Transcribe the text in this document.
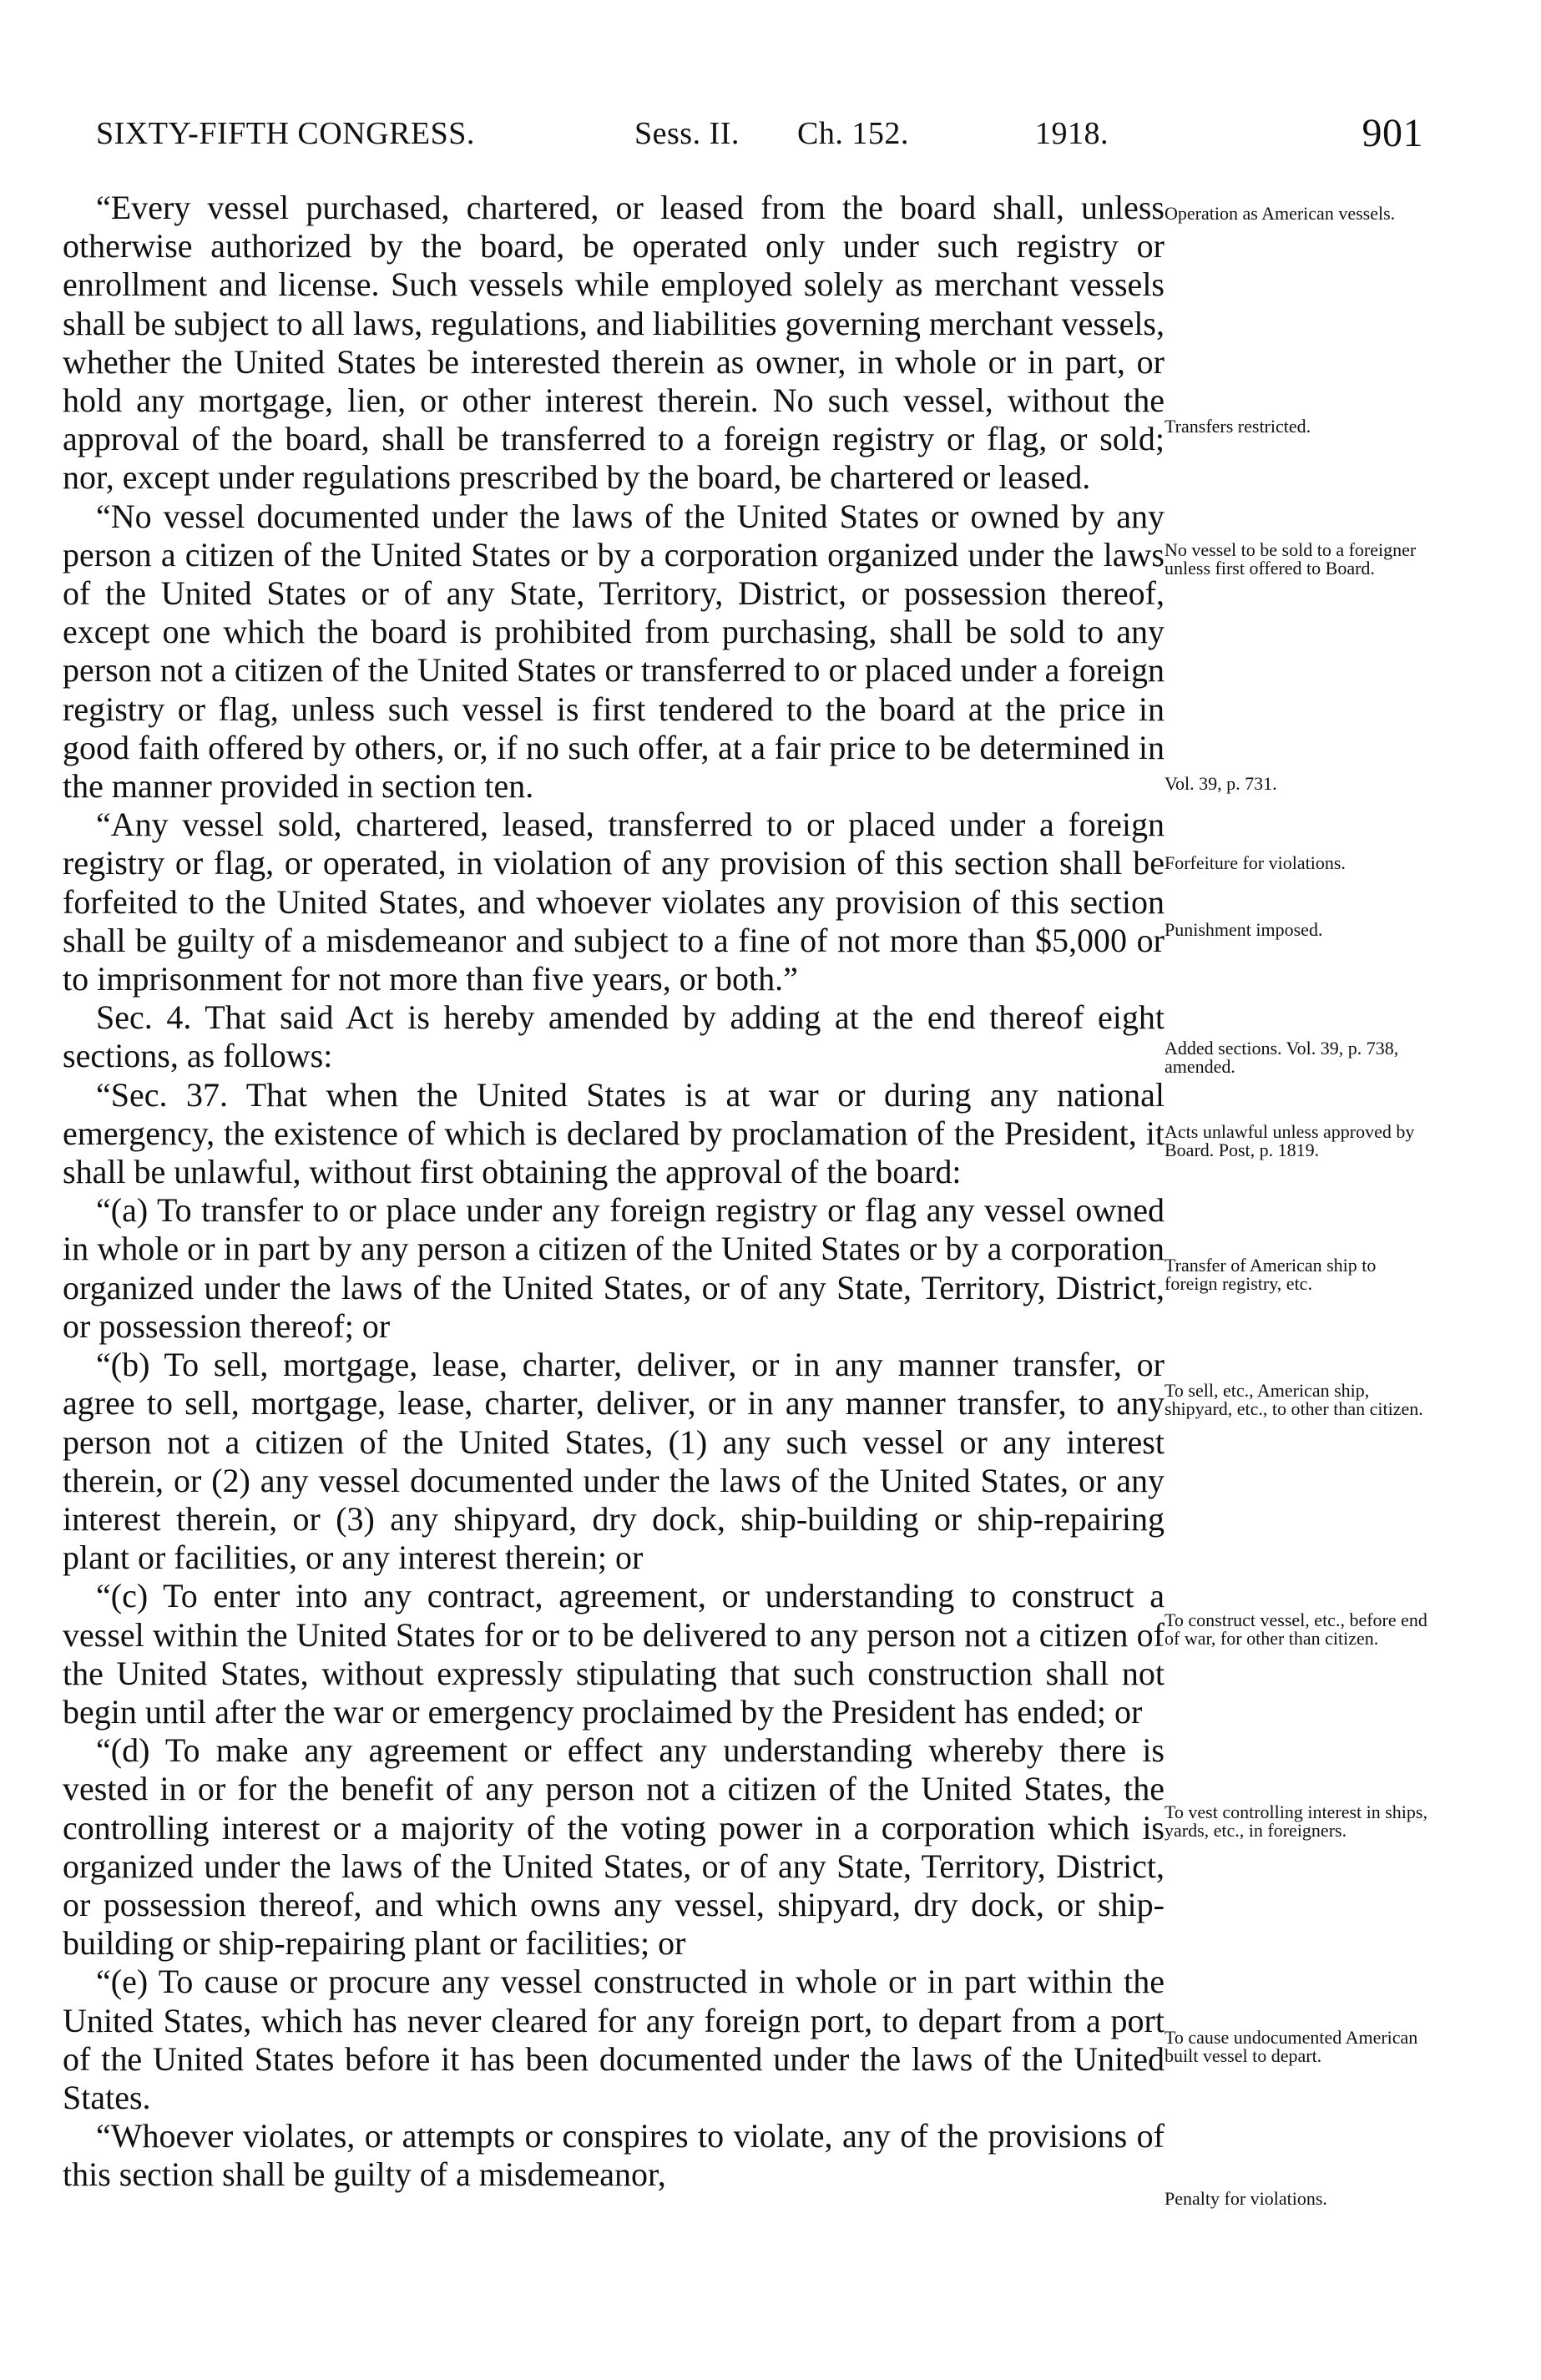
SIXTY-FIFTH CONGRESS.	Sess. II. Ch. 152.	1918.	901

“Every vessel purchased, chartered, or leased from the board shall, unless otherwise authorized by the board, be operated only under such registry or enrollment and license. Such vessels while employed solely as merchant vessels shall be subject to all laws, regulations, and liabilities governing merchant vessels, whether the United States be interested therein as owner, in whole or in part, or hold any mortgage, lien, or other interest therein. No such vessel, without the approval of the board, shall be transferred to a foreign registry or flag, or sold; nor, except under regulations prescribed by the board, be chartered or leased.

“No vessel documented under the laws of the United States or owned by any person a citizen of the United States or by a corporation organized under the laws of the United States or of any State, Territory, District, or possession thereof, except one which the board is prohibited from purchasing, shall be sold to any person not a citizen of the United States or transferred to or placed under a foreign registry or flag, unless such vessel is first tendered to the board at the price in good faith offered by others, or, if no such offer, at a fair price to be determined in the manner provided in section ten.

“Any vessel sold, chartered, leased, transferred to or placed under a foreign registry or flag, or operated, in violation of any provision of this section shall be forfeited to the United States, and whoever violates any provision of this section shall be guilty of a misdemeanor and subject to a fine of not more than $5,000 or to imprisonment for not more than five years, or both.”

Sec. 4. That said Act is hereby amended by adding at the end thereof eight sections, as follows:

“Sec. 37. That when the United States is at war or during any national emergency, the existence of which is declared by proclamation of the President, it shall be unlawful, without first obtaining the approval of the board:

“(a) To transfer to or place under any foreign registry or flag any vessel owned in whole or in part by any person a citizen of the United States or by a corporation organized under the laws of the United States, or of any State, Territory, District, or possession thereof; or

“(b) To sell, mortgage, lease, charter, deliver, or in any manner transfer, or agree to sell, mortgage, lease, charter, deliver, or in any manner transfer, to any person not a citizen of the United States, (1) any such vessel or any interest therein, or (2) any vessel documented under the laws of the United States, or any interest therein, or (3) any shipyard, dry dock, ship-building or ship-repairing plant or facilities, or any interest therein; or

“(c) To enter into any contract, agreement, or understanding to construct a vessel within the United States for or to be delivered to any person not a citizen of the United States, without expressly stipulating that such construction shall not begin until after the war or emergency proclaimed by the President has ended; or

“(d) To make any agreement or effect any understanding whereby there is vested in or for the benefit of any person not a citizen of the United States, the controlling interest or a majority of the voting power in a corporation which is organized under the laws of the United States, or of any State, Territory, District, or possession thereof, and which owns any vessel, shipyard, dry dock, or ship-building or ship-repairing plant or facilities; or

“(e) To cause or procure any vessel constructed in whole or in part within the United States, which has never cleared for any foreign port, to depart from a port of the United States before it has been documented under the laws of the United States.

“Whoever violates, or attempts or conspires to violate, any of the provisions of this section shall be guilty of a misdemeanor,

Operation as American vessels.
Transfers restricted.
No vessel to be sold to a foreigner unless first offered to Board.
Vol. 39, p. 731.
Forfeiture for violations.
Punishment imposed.
Added sections. Vol. 39, p. 738, amended.
Acts unlawful unless approved by Board. Post, p. 1819.
Transfer of American ship to foreign registry, etc.
To sell, etc., American ship, shipyard, etc., to other than citizen.
To construct vessel, etc., before end of war, for other than citizen.
To vest controlling interest in ships, yards, etc., in foreigners.
To cause undocumented American built vessel to depart.
Penalty for violations.
